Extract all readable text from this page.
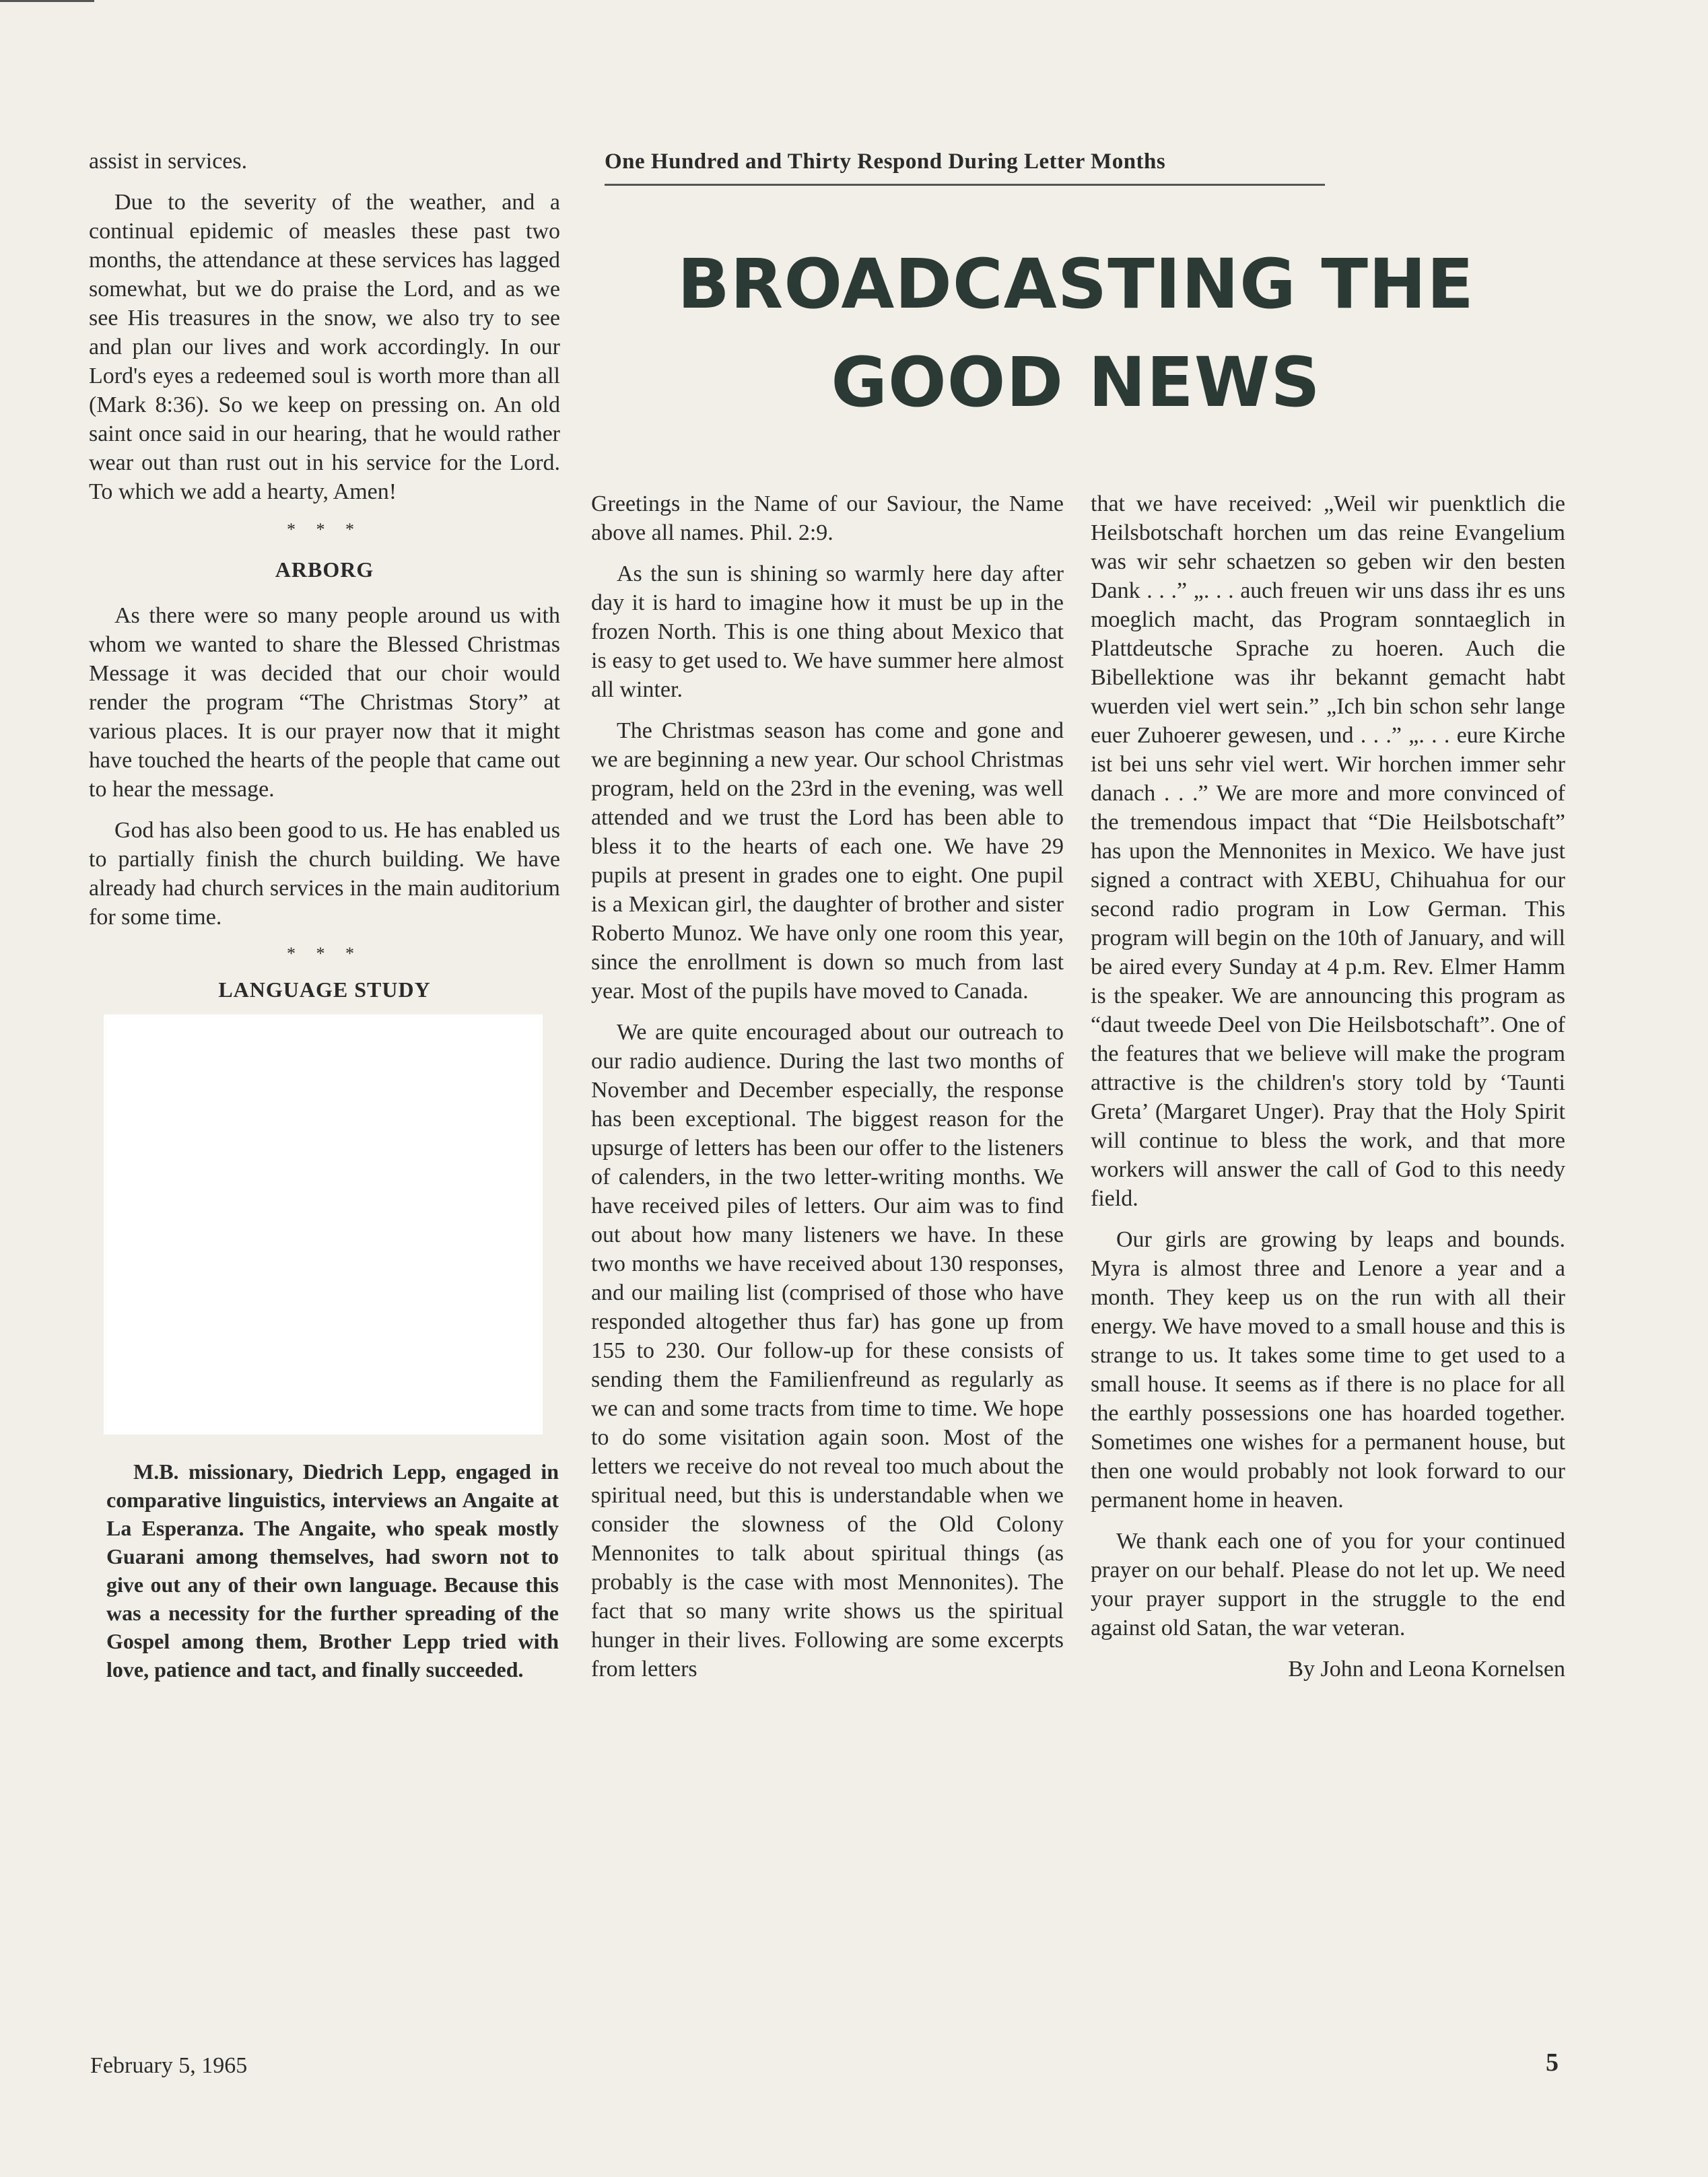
assist in services.

Due to the severity of the weather, and a continual epidemic of measles these past two months, the attendance at these services has lagged somewhat, but we do praise the Lord, and as we see His treasures in the snow, we also try to see and plan our lives and work accordingly. In our Lord's eyes a redeemed soul is worth more than all (Mark 8:36). So we keep on pressing on. An old saint once said in our hearing, that he would rather wear out than rust out in his service for the Lord. To which we add a hearty, Amen!

* * *
ARBORG

As there were so many people around us with whom we wanted to share the Blessed Christmas Message it was decided that our choir would render the program “The Christmas Story” at various places. It is our prayer now that it might have touched the hearts of the people that came out to hear the message.

God has also been good to us. He has enabled us to partially finish the church building. We have already had church services in the main auditorium for some time.

* * *
LANGUAGE STUDY
M.B. missionary, Diedrich Lepp, engaged in comparative linguistics, interviews an Angaite at La Esperanza. The Angaite, who speak mostly Guarani among themselves, had sworn not to give out any of their own language. Because this was a necessity for the further spreading of the Gospel among them, Brother Lepp tried with love, patience and tact, and finally succeeded.
One Hundred and Thirty Respond During Letter Months
BROADCASTING THE GOOD NEWS

Greetings in the Name of our Saviour, the Name above all names. Phil. 2:9.

As the sun is shining so warmly here day after day it is hard to imagine how it must be up in the frozen North. This is one thing about Mexico that is easy to get used to. We have summer here almost all winter.

The Christmas season has come and gone and we are beginning a new year. Our school Christmas program, held on the 23rd in the evening, was well attended and we trust the Lord has been able to bless it to the hearts of each one. We have 29 pupils at present in grades one to eight. One pupil is a Mexican girl, the daughter of brother and sister Roberto Munoz. We have only one room this year, since the enrollment is down so much from last year. Most of the pupils have moved to Canada.

We are quite encouraged about our outreach to our radio audience. During the last two months of November and December especially, the response has been exceptional. The biggest reason for the upsurge of letters has been our offer to the listeners of calenders, in the two letter-writing months. We have received piles of letters. Our aim was to find out about how many listeners we have. In these two months we have received about 130 responses, and our mailing list (comprised of those who have responded altogether thus far) has gone up from 155 to 230. Our follow-up for these consists of sending them the Familienfreund as regularly as we can and some tracts from time to time. We hope to do some visitation again soon. Most of the letters we receive do not reveal too much about the spiritual need, but this is understandable when we consider the slowness of the Old Colony Mennonites to talk about spiritual things (as probably is the case with most Mennonites). The fact that so many write shows us the spiritual hunger in their lives. Following are some excerpts from letters

that we have received: „Weil wir puenktlich die Heilsbotschaft horchen um das reine Evangelium was wir sehr schaetzen so geben wir den besten Dank . . .” „. . . auch freuen wir uns dass ihr es uns moeglich macht, das Program sonntaeglich in Plattdeutsche Sprache zu hoeren. Auch die Bibellektione was ihr bekannt gemacht habt wuerden viel wert sein.” „Ich bin schon sehr lange euer Zuhoerer gewesen, und . . .” „. . . eure Kirche ist bei uns sehr viel wert. Wir horchen immer sehr danach . . .” We are more and more convinced of the tremendous impact that “Die Heilsbotschaft” has upon the Mennonites in Mexico. We have just signed a contract with XEBU, Chihuahua for our second radio program in Low German. This program will begin on the 10th of January, and will be aired every Sunday at 4 p.m. Rev. Elmer Hamm is the speaker. We are announcing this program as “daut tweede Deel von Die Heilsbotschaft”. One of the features that we believe will make the program attractive is the children's story told by ‘Taunti Greta’ (Margaret Unger). Pray that the Holy Spirit will continue to bless the work, and that more workers will answer the call of God to this needy field.

Our girls are growing by leaps and bounds. Myra is almost three and Lenore a year and a month. They keep us on the run with all their energy. We have moved to a small house and this is strange to us. It takes some time to get used to a small house. It seems as if there is no place for all the earthly possessions one has hoarded together. Sometimes one wishes for a permanent house, but then one would probably not look forward to our permanent home in heaven.

We thank each one of you for your continued prayer on our behalf. Please do not let up. We need your prayer support in the struggle to the end against old Satan, the war veteran.

By John and Leona Kornelsen
February 5, 1965	5
